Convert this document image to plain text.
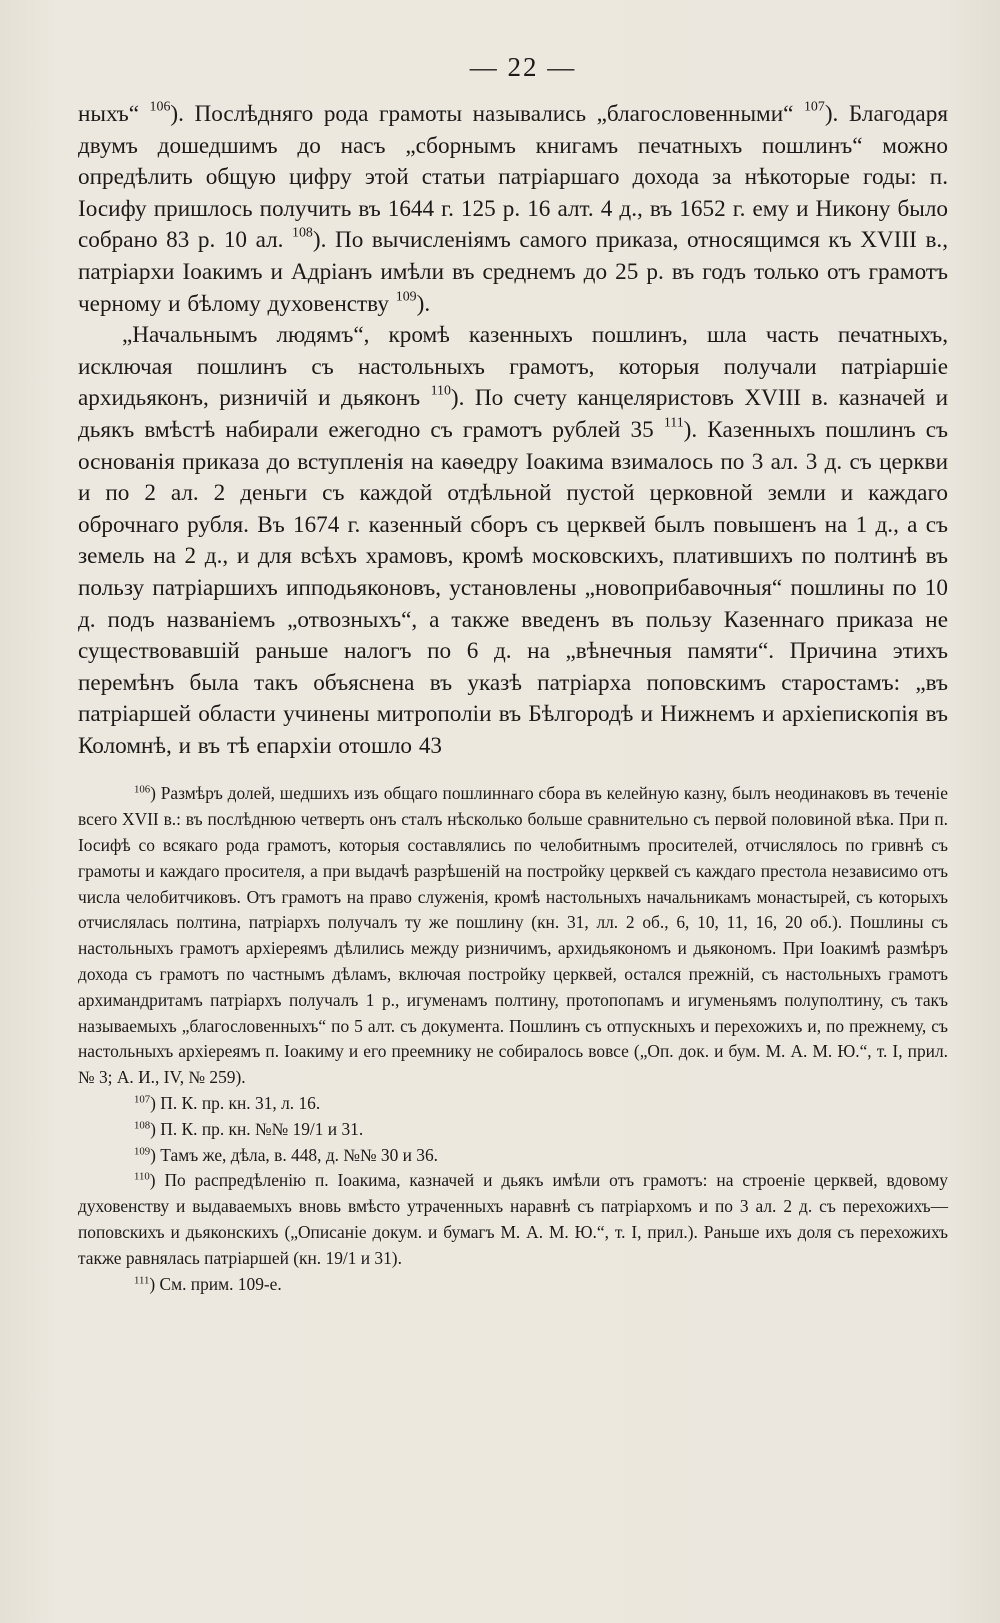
— 22 —

ныхъ“ $^{106}$). Послѣдняго рода грамоты назывались „благословенными“ $^{107}$). Благодаря двумъ дошедшимъ до насъ „сборнымъ книгамъ печатныхъ пошлинъ“ можно опредѣлить общую цифру этой статьи патріаршаго дохода за нѣкоторые годы: п. Іосифу пришлось получить въ 1644 г. 125 р. 16 алт. 4 д., въ 1652 г. ему и Никону было собрано 83 р. 10 ал. $^{108}$). По вычисленіямъ самого приказа, относящимся къ XVIII в., патріархи Іоакимъ и Адріанъ имѣли въ среднемъ до 25 р. въ годъ только отъ грамотъ черному и бѣлому духовенству $^{109}$).

„Начальнымъ людямъ“, кромѣ казенныхъ пошлинъ, шла часть печатныхъ, исключая пошлинъ съ настольныхъ грамотъ, которыя получали патріаршіе архидьяконъ, ризничій и дьяконъ $^{110}$). По счету канцеляристовъ XVIII в. казначей и дьякъ вмѣстѣ набирали ежегодно съ грамотъ рублей 35 $^{111}$). Казенныхъ пошлинъ съ основанія приказа до вступленія на каѳедру Іоакима взималось по 3 ал. 3 д. съ церкви и по 2 ал. 2 деньги съ каждой отдѣльной пустой церковной земли и каждаго оброчнаго рубля. Въ 1674 г. казенный сборъ съ церквей былъ повышенъ на 1 д., а съ земель на 2 д., и для всѣхъ храмовъ, кромѣ московскихъ, платившихъ по полтинѣ въ пользу патріаршихъ ипподьяконовъ, установлены „новоприбавочныя“ пошлины по 10 д. подъ названіемъ „отвозныхъ“, а также введенъ въ пользу Казеннаго приказа не существовавшій раньше налогъ по 6 д. на „вѣнечныя памяти“. Причина этихъ перемѣнъ была такъ объяснена въ указѣ патріарха поповскимъ старостамъ: „въ патріаршей области учинены митрополіи въ Бѣлгородѣ и Нижнемъ и архіепископія въ Коломнѣ, и въ тѣ епархіи отошло 43

$^{106}$) Размѣръ долей, шедшихъ изъ общаго пошлиннаго сбора въ келейную казну, былъ неодинаковъ въ теченіе всего XVII в.: въ послѣднюю четверть онъ сталъ нѣсколько больше сравнительно съ первой половиной вѣка. При п. Іосифѣ со всякаго рода грамотъ, которыя составлялись по челобитнымъ просителей, отчислялось по гривнѣ съ грамоты и каждаго просителя, а при выдачѣ разрѣшеній на постройку церквей съ каждаго престола независимо отъ числа челобитчиковъ. Отъ грамотъ на право служенія, кромѣ настольныхъ начальникамъ монастырей, съ которыхъ отчислялась полтина, патріархъ получалъ ту же пошлину (кн. 31, лл. 2 об., 6, 10, 11, 16, 20 об.). Пошлины съ настольныхъ грамотъ архіереямъ дѣлились между ризничимъ, архидьякономъ и дьякономъ. При Іоакимѣ размѣръ дохода съ грамотъ по частнымъ дѣламъ, включая постройку церквей, остался прежній, съ настольныхъ грамотъ архимандритамъ патріархъ получалъ 1 р., игуменамъ полтину, протопопамъ и игуменьямъ полуполтину, съ такъ называемыхъ „благословенныхъ“ по 5 алт. съ документа. Пошлинъ съ отпускныхъ и перехожихъ и, по прежнему, съ настольныхъ архіереямъ п. Іоакиму и его преемнику не собиралось вовсе („Оп. док. и бум. М. А. М. Ю.“, т. I, прил. № 3; А. И., IV, № 259).

$^{107}$) П. К. пр. кн. 31, л. 16.

$^{108}$) П. К. пр. кн. №№ 19/1 и 31.

$^{109}$) Тамъ же, дѣла, в. 448, д. №№ 30 и 36.

$^{110}$) По распредѣленію п. Іоакима, казначей и дьякъ имѣли отъ грамотъ: на строеніе церквей, вдовому духовенству и выдаваемыхъ вновь вмѣсто утраченныхъ наравнѣ съ патріархомъ и по 3 ал. 2 д. съ перехожихъ—поповскихъ и дьяконскихъ („Описаніе докум. и бумагъ М. А. М. Ю.“, т. I, прил.). Раньше ихъ доля съ перехожихъ также равнялась патріаршей (кн. 19/1 и 31).

$^{111}$) См. прим. 109-е.
